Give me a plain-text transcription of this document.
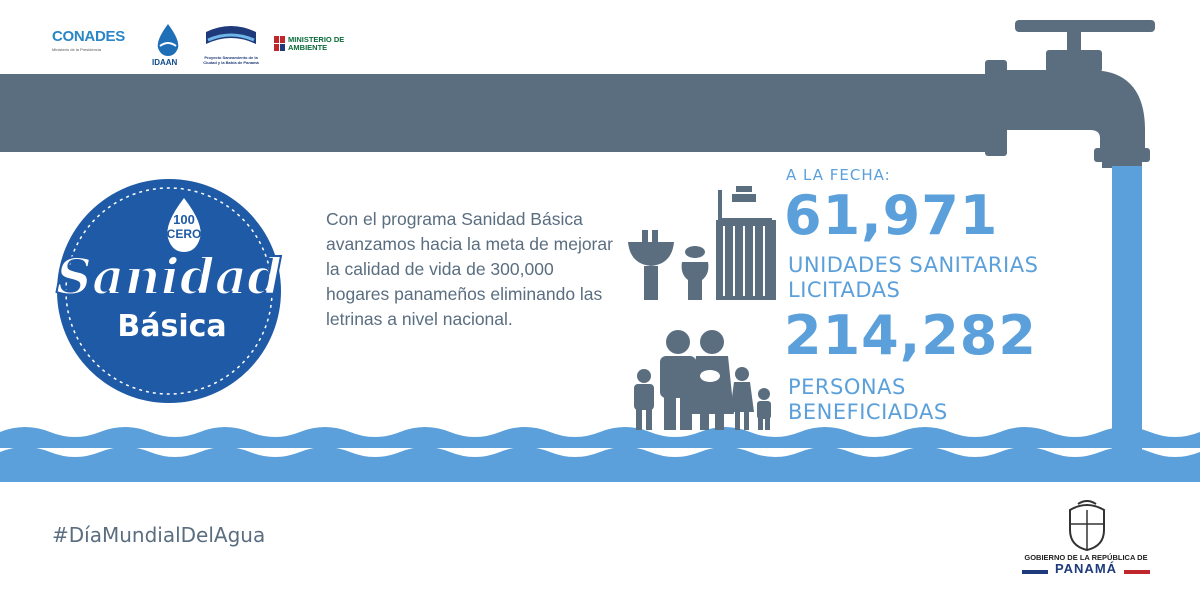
CONADES
Ministerio de la Presidencia
IDAAN
Proyecto Saneamiento de la Ciudad y la Bahía de Panamá
MINISTERIO DE AMBIENTE
100
CERO
Sanidad
Básica
Con el programa Sanidad Básica avanzamos hacia la meta de mejorar la calidad de vida de 300,000 hogares panameños eliminando las letrinas a nivel nacional.
A LA FECHA:
61,971
UNIDADES SANITARIAS LICITADAS
214,282
PERSONAS BENEFICIADAS
#DíaMundialDelAgua
GOBIERNO DE LA REPÚBLICA DE
PANAMÁ
